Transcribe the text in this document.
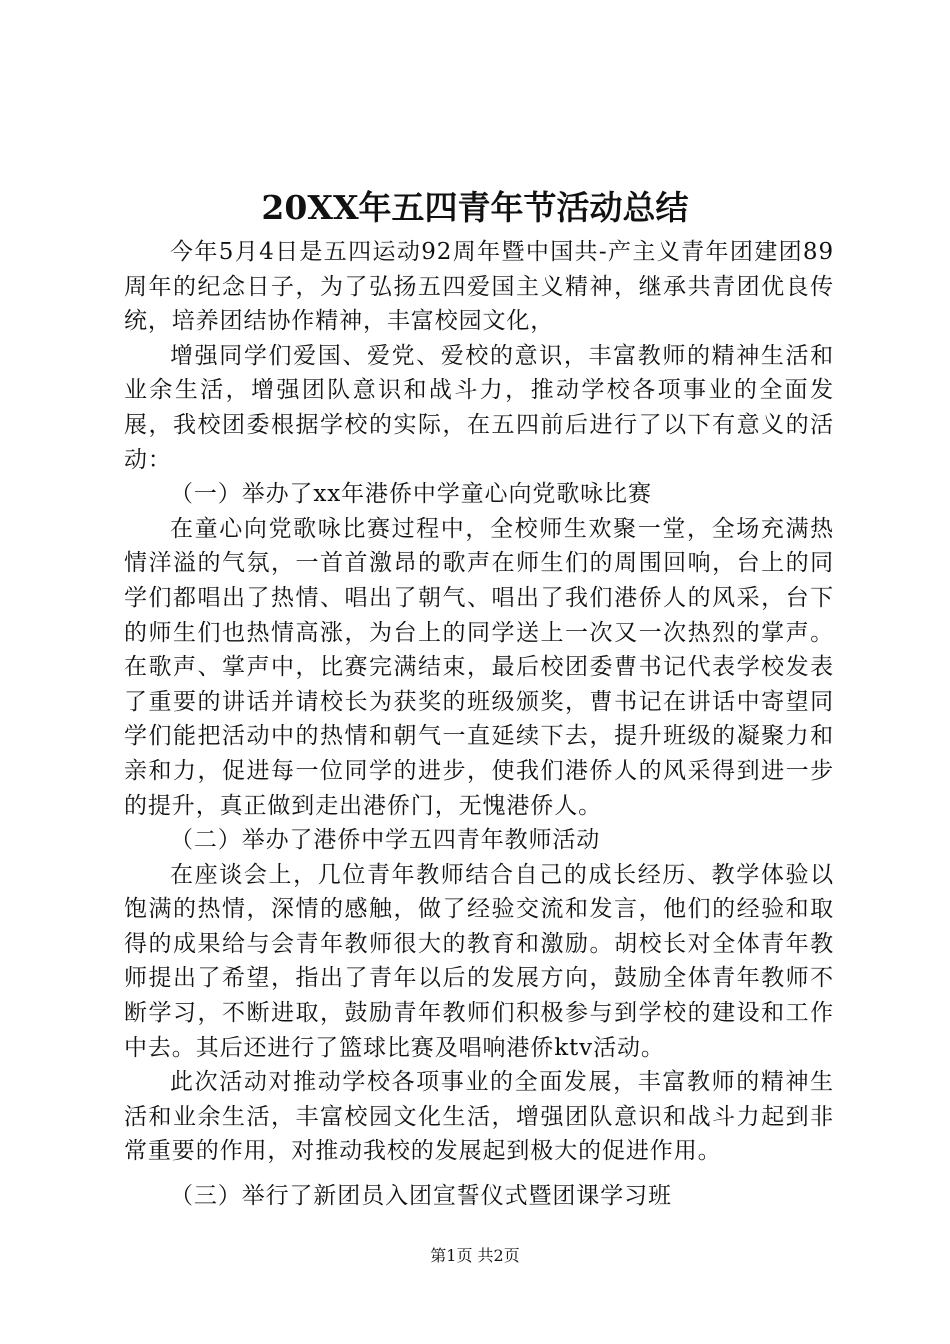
20XX年五四青年节活动总结

今年5月4日是五四运动92周年暨中国共-产主义青年团建团89周年的纪念日子，为了弘扬五四爱国主义精神，继承共青团优良传统，培养团结协作精神，丰富校园文化，

增强同学们爱国、爱党、爱校的意识，丰富教师的精神生活和业余生活，增强团队意识和战斗力，推动学校各项事业的全面发展，我校团委根据学校的实际，在五四前后进行了以下有意义的活动：

（一）举办了xx年港侨中学童心向党歌咏比赛

在童心向党歌咏比赛过程中，全校师生欢聚一堂，全场充满热情洋溢的气氛，一首首激昂的歌声在师生们的周围回响，台上的同学们都唱出了热情、唱出了朝气、唱出了我们港侨人的风采，台下的师生们也热情高涨，为台上的同学送上一次又一次热烈的掌声。在歌声、掌声中，比赛完满结束，最后校团委曹书记代表学校发表了重要的讲话并请校长为获奖的班级颁奖，曹书记在讲话中寄望同学们能把活动中的热情和朝气一直延续下去，提升班级的凝聚力和亲和力，促进每一位同学的进步，使我们港侨人的风采得到进一步的提升，真正做到走出港侨门，无愧港侨人。

（二）举办了港侨中学五四青年教师活动

在座谈会上，几位青年教师结合自己的成长经历、教学体验以饱满的热情，深情的感触，做了经验交流和发言，他们的经验和取得的成果给与会青年教师很大的教育和激励。胡校长对全体青年教师提出了希望，指出了青年以后的发展方向，鼓励全体青年教师不断学习，不断进取，鼓励青年教师们积极参与到学校的建设和工作中去。其后还进行了篮球比赛及唱响港侨ktv活动。

此次活动对推动学校各项事业的全面发展，丰富教师的精神生活和业余生活，丰富校园文化生活，增强团队意识和战斗力起到非常重要的作用，对推动我校的发展起到极大的促进作用。

（三）举行了新团员入团宣誓仪式暨团课学习班

第1页 共2页
